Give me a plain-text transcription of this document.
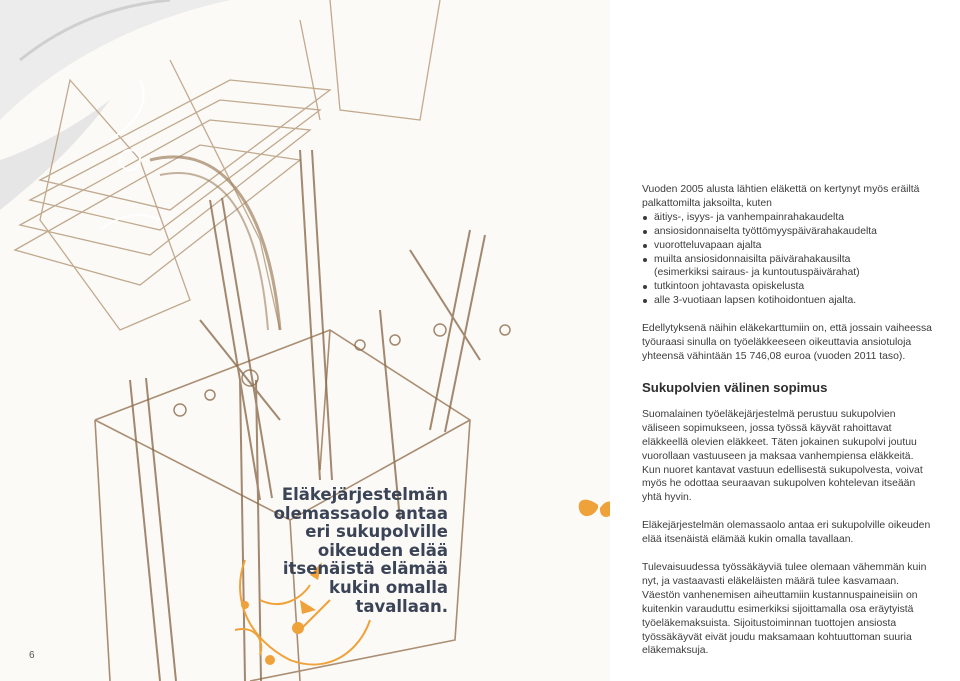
Eläkejärjestelmän
olemassaolo antaa
eri sukupolville
oikeuden elää
itsenäistä elämää
kukin omalla
tavallaan.
6

Vuoden 2005 alusta lähtien eläkettä on kertynyt myös eräiltä palkattomilta jaksoilta, kuten

äitiys-, isyys- ja vanhempainrahakaudelta
ansiosidonnaiselta työttömyyspäivärahakaudelta
vuorotteluvapaan ajalta
muilta ansiosidonnaisilta päivärahakausilta
(esimerkiksi sairaus- ja kuntoutuspäivärahat)
tutkintoon johtavasta opiskelusta
alle 3-vuotiaan lapsen kotihoidontuen ajalta.

Edellytyksenä näihin eläkekarttumiin on, että jossain vaiheessa työuraasi sinulla on työeläkkeeseen oikeuttavia ansiotuloja yhteensä vähintään 15 746,08 euroa (vuoden 2011 taso).

Sukupolvien välinen sopimus

Suomalainen työeläkejärjestelmä perustuu sukupolvien väliseen sopimukseen, jossa työssä käyvät rahoittavat eläkkeellä olevien eläkkeet. Täten jokainen sukupolvi joutuu vuorollaan vastuuseen ja maksaa vanhempiensa eläkkeitä. Kun nuoret kantavat vastuun edellisestä sukupolvesta, voivat myös he odottaa seuraavan sukupolven kohtelevan itseään yhtä hyvin.

Eläkejärjestelmän olemassaolo antaa eri sukupolville oikeuden elää itsenäistä elämää kukin omalla tavallaan.

Tulevaisuudessa työssäkäyviä tulee olemaan vähemmän kuin nyt, ja vastaavasti eläkeläisten määrä tulee kasvamaan. Väestön vanhenemisen aiheuttamiin kustannuspaineisiin on kuitenkin varauduttu esimerkiksi sijoittamalla osa eräytyistä työeläkemaksuista. Sijoitustoiminnan tuottojen ansiosta työssäkäyvät eivät joudu maksamaan kohtuuttoman suuria eläkemaksuja.
